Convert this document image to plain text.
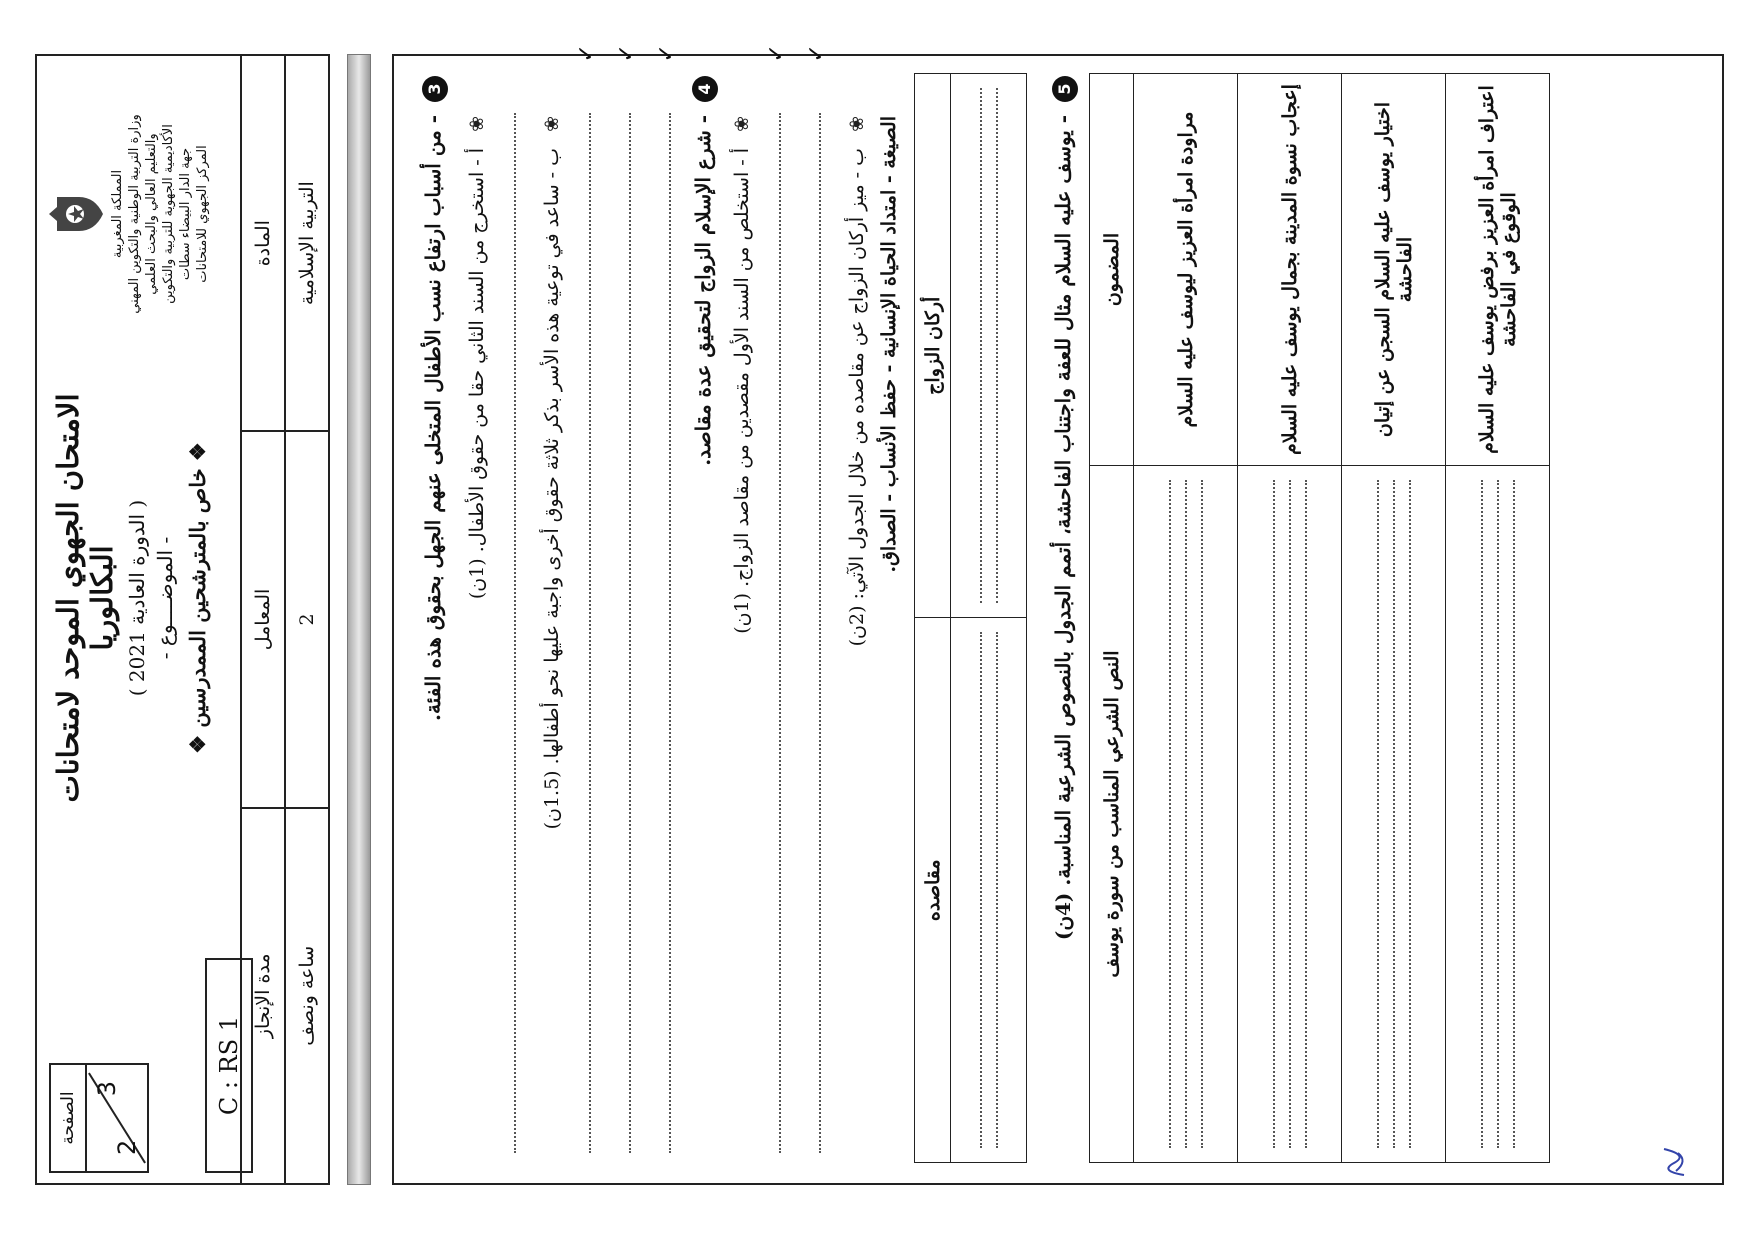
المملكة المغربية وزارة التربية الوطنية والتكوين المهني والتعليم العالي والبحث العلمي الأكاديمية الجهوية للتربية والتكوين جهة الدار البيضاء سطات المركز الجهوي للامتحانات
الامتحان الجهوي الموحد لامتحانات البكالوريا
( الدورة العادية 2021 ) - الموضــــوع - ❖ خاص بالمترشحين الممدرسين ❖
الصفحة
2
3	C : RS 1
المادة	التربية الإسلامية
المعامل	2
مدة الإنجاز	ساعة ونصف
3 - من أسباب ارتفاع نسب الأطفال المتخلى عنهم الجهل بحقوق هذه الفئة. ❀ أ - استخرج من السند الثاني حقا من حقوق الأطفال. (1ن)
❀ ب - ساعد في توعية هذه الأسر بذكر ثلاثة حقوق أخرى واجبة عليها نحو أطفالها. (1.5ن)
✓ ✓ ✓
4 - شرع الإسلام الزواج لتحقيق عدة مقاصد. ❀ أ - استخلص من السند الأول مقصدين من مقاصد الزواج. (1ن)
✓ ✓
❀ ب - ميز أركان الزواج عن مقاصده من خلال الجدول الآتي: (2ن) الصيغة - امتداد الحياة الإنسانية - حفظ الأنساب - الصداق. أركان الزواج	مقاصده

5 - يوسف عليه السلام مثال للعفة واجتناب الفاحشة، أتمم الجدول بالنصوص الشرعية المناسبة. (4ن) المضمون	النص الشرعي المناسب من سورة يوسف
مراودة امرأة العزيز ليوسف عليه السلام	

إعجاب نسوة المدينة بجمال يوسف عليه السلام	

اختيار يوسف عليه السلام السجن عن إتيان الفاحشة	

اعتراف امرأة العزيز برفض يوسف عليه السلام الوقوع في الفاحشة	
